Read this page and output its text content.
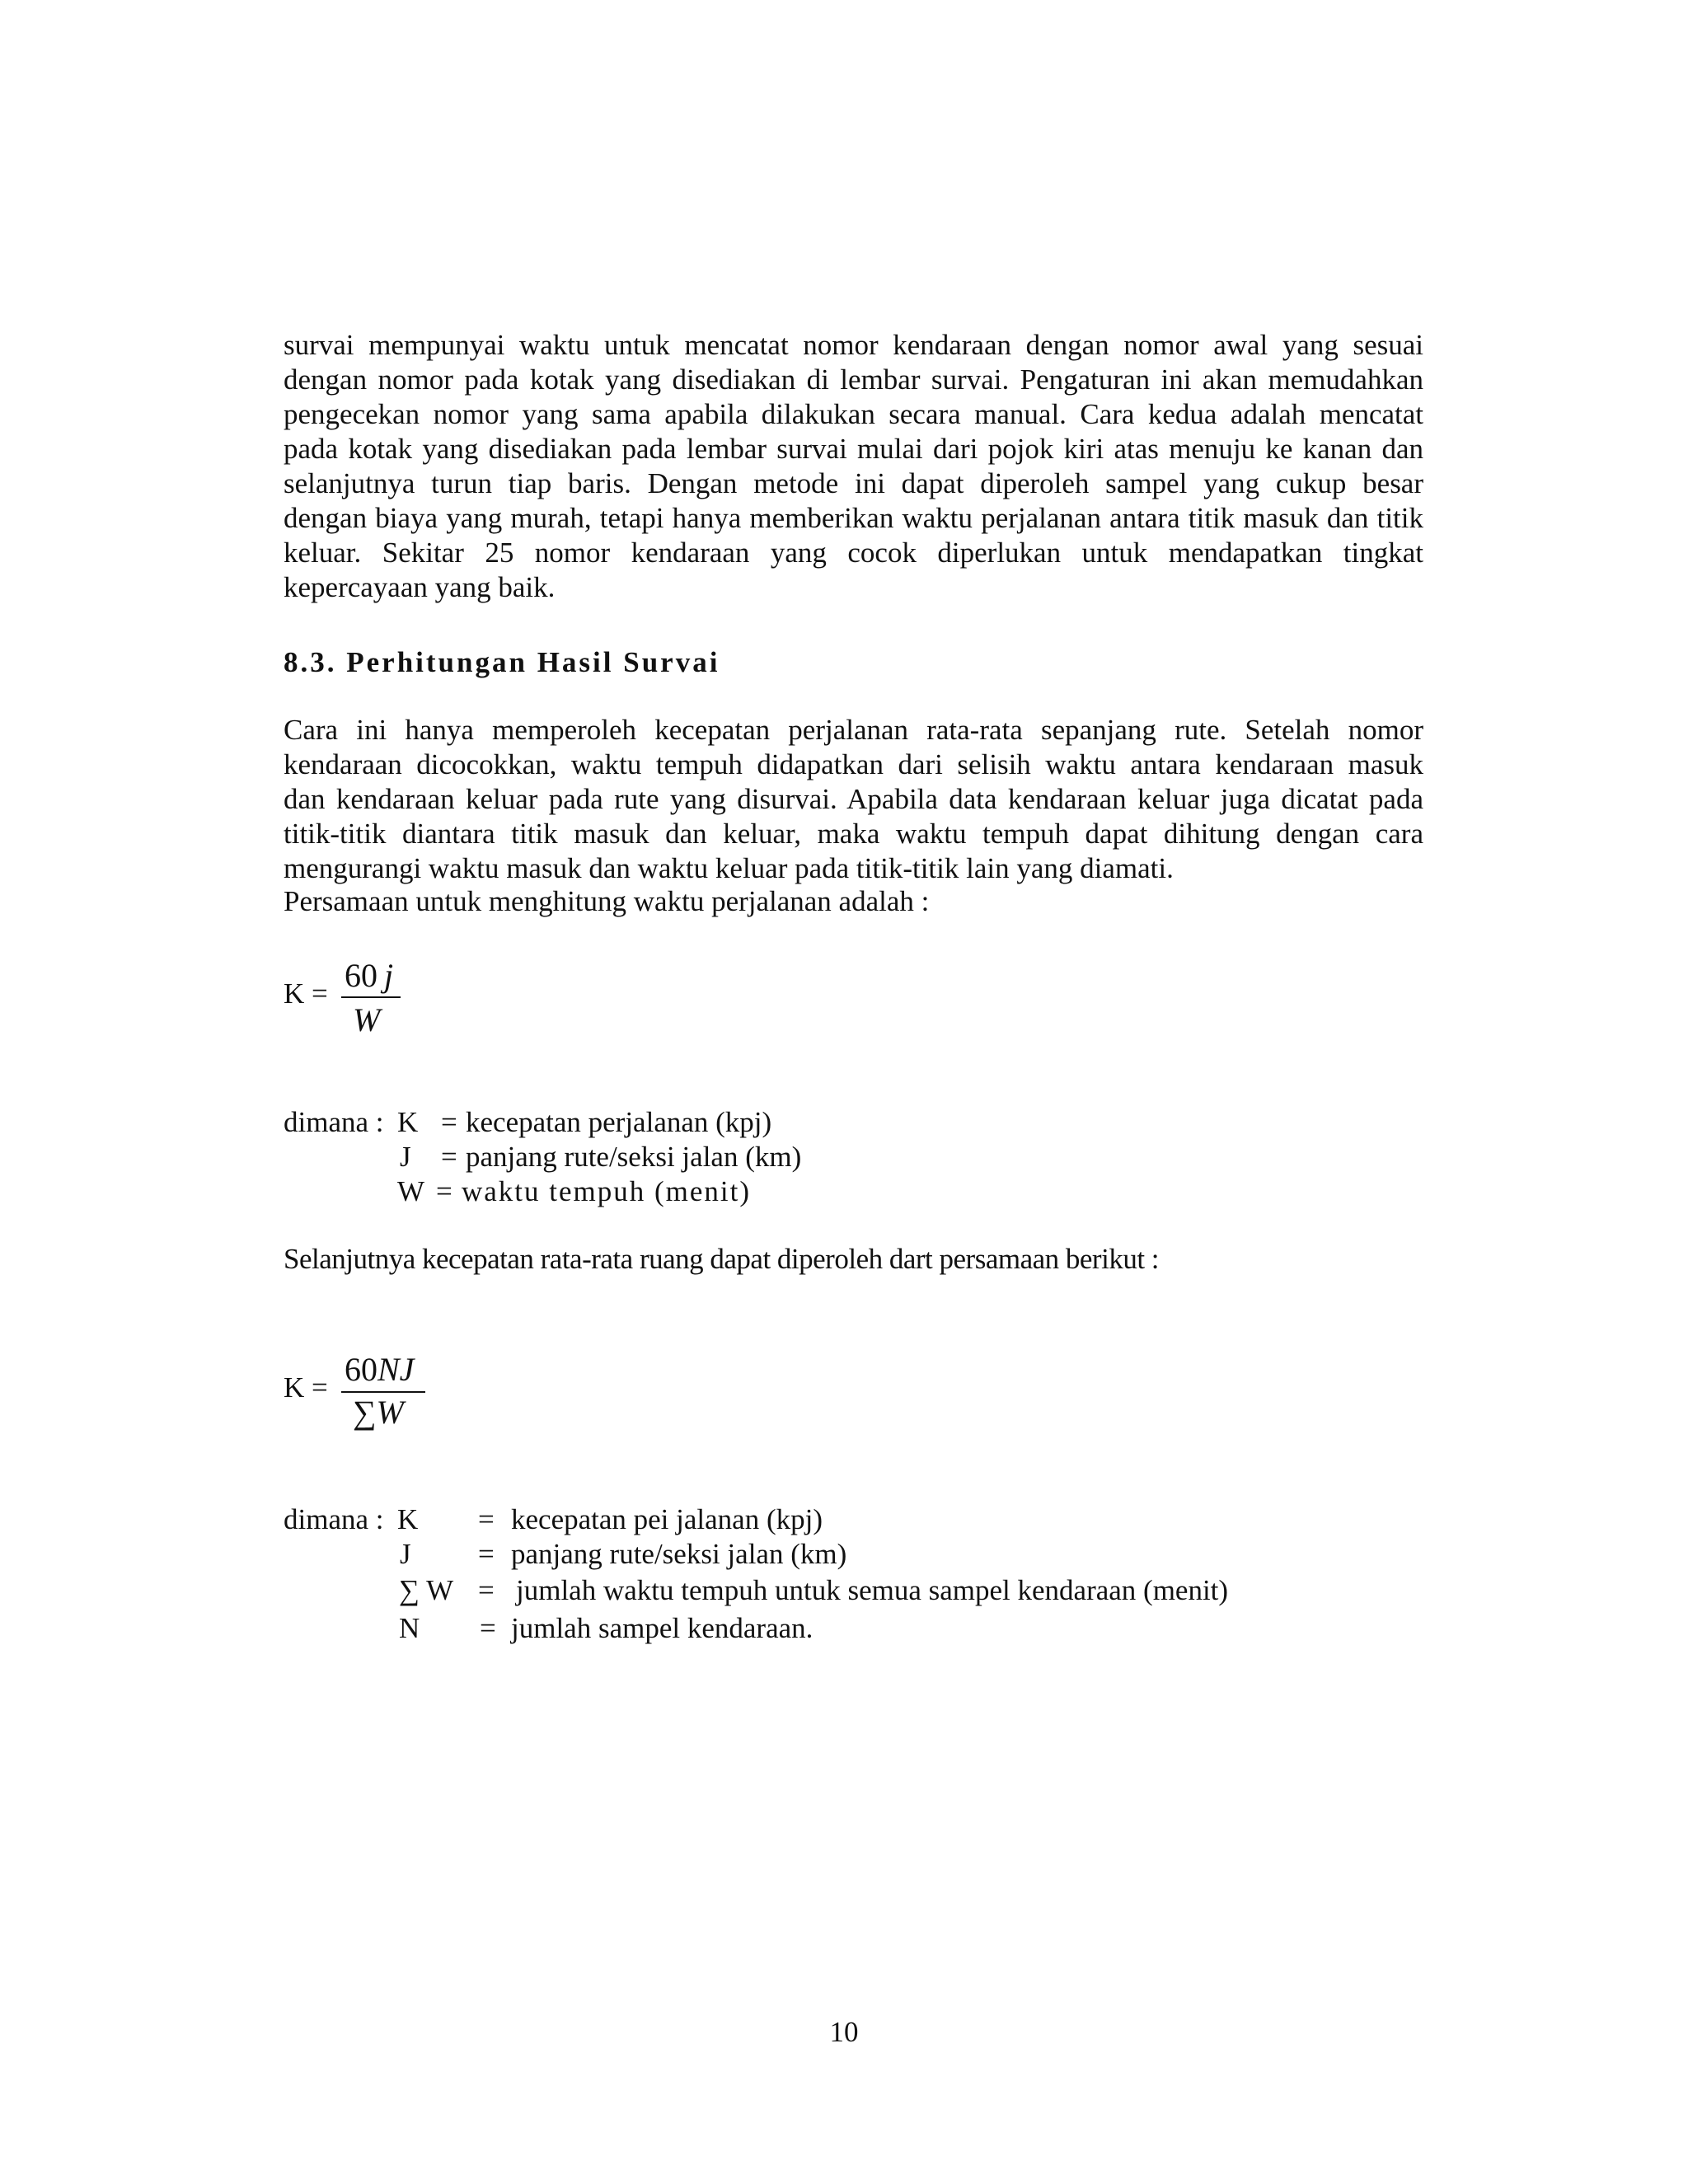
survai mempunyai waktu untuk mencatat nomor kendaraan dengan nomor awal yang sesuai
dengan nomor pada kotak yang disediakan di lembar survai. Pengaturan ini akan memudahkan
pengecekan nomor yang sama apabila dilakukan secara manual. Cara kedua adalah mencatat
pada kotak yang disediakan pada lembar survai mulai dari pojok kiri atas menuju ke kanan dan
selanjutnya turun tiap baris. Dengan metode ini dapat diperoleh sampel yang cukup besar
dengan biaya yang murah, tetapi hanya memberikan waktu perjalanan antara titik masuk dan titik
keluar. Sekitar 25 nomor kendaraan yang cocok diperlukan untuk mendapatkan tingkat
kepercayaan yang baik.
8.3. Perhitungan Hasil Survai
Cara ini hanya memperoleh kecepatan perjalanan rata-rata sepanjang rute. Setelah nomor
kendaraan dicocokkan, waktu tempuh didapatkan dari selisih waktu antara kendaraan masuk
dan kendaraan keluar pada rute yang disurvai. Apabila data kendaraan keluar juga dicatat pada
titik-titik diantara titik masuk dan keluar, maka waktu tempuh dapat dihitung dengan cara
mengurangi waktu masuk dan waktu keluar pada titik-titik lain yang diamati.
Persamaan untuk menghitung waktu perjalanan adalah :
K = 60  j
W
dimana : K = kecepatan perjalanan (kpj)
J = panjang rute/seksi jalan (km)
W = waktu tempuh (menit)
Selanjutnya kecepatan rata-rata ruang dapat diperoleh dart persamaan berikut :
K = 60NJ
∑W
dimana : K = kecepatan pei jalanan (kpj)
J = panjang rute/seksi jalan (km)
∑ W = jumlah waktu tempuh untuk semua sampel kendaraan (menit)
N = jumlah sampel kendaraan.
10
